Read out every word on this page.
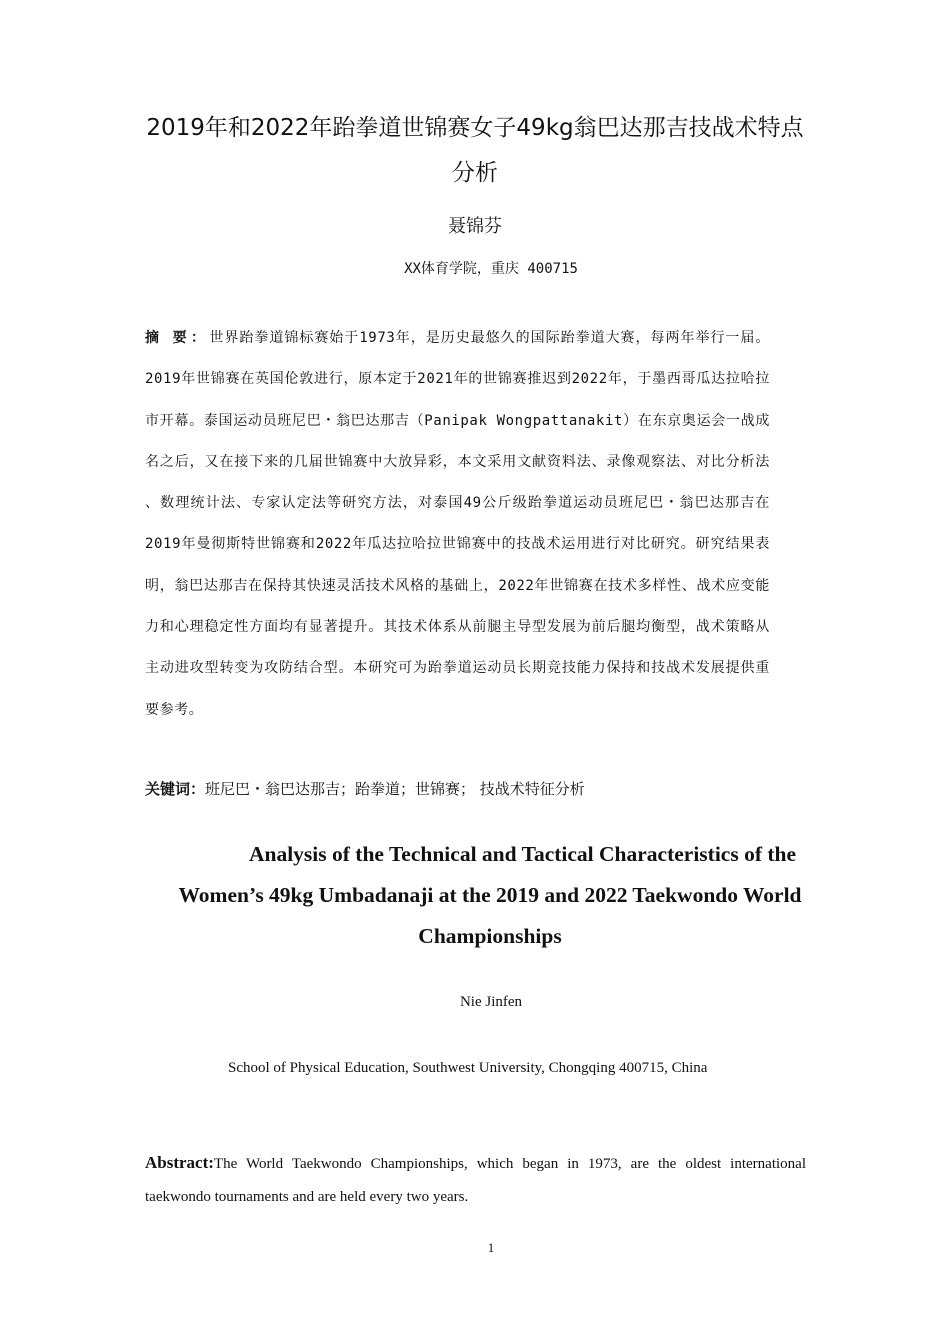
2019年和2022年跆拳道世锦赛女子49kg翁巴达那吉技战术特点分析
聂锦芬
XX体育学院，重庆 400715
摘 要：世界跆拳道锦标赛始于1973年，是历史最悠久的国际跆拳道大赛，每两年举行一届。2019年世锦赛在英国伦敦进行，原本定于2021年的世锦赛推迟到2022年，于墨西哥瓜达拉哈拉市开幕。泰国运动员班尼巴・翁巴达那吉（Panipak Wongpattanakit）在东京奥运会一战成名之后，又在接下来的几届世锦赛中大放异彩，本文采用文献资料法、录像观察法、对比分析法 、数理统计法、专家认定法等研究方法，对泰国49公斤级跆拳道运动员班尼巴・翁巴达那吉在2019年曼彻斯特世锦赛和2022年瓜达拉哈拉世锦赛中的技战术运用进行对比研究。研究结果表明，翁巴达那吉在保持其快速灵活技术风格的基础上，2022年世锦赛在技术多样性、战术应变能力和心理稳定性方面均有显著提升。其技术体系从前腿主导型发展为前后腿均衡型，战术策略从主动进攻型转变为攻防结合型。本研究可为跆拳道运动员长期竞技能力保持和技战术发展提供重要参考。
关键词：班尼巴・翁巴达那吉；跆拳道；世锦赛； 技战术特征分析
Analysis of the Technical and Tactical Characteristics of the
Women’s 49kg Umbadanaji at the 2019 and 2022 Taekwondo World
Championships
Nie Jinfen
School of Physical Education, Southwest University, Chongqing 400715, China
Abstract:The World Taekwondo Championships, which began in 1973, are the oldest international taekwondo tournaments and are held every two years.
1
